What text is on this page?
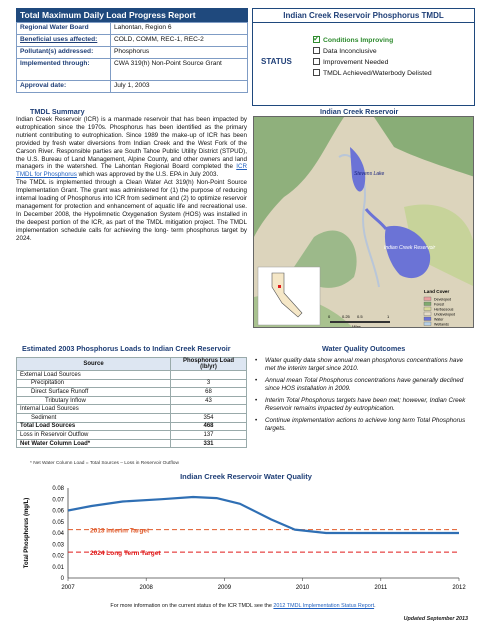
Total Maximum Daily Load Progress Report
Regional Water Board	Lahontan, Region 6
Beneficial uses affected:	COLD, COMM, REC-1, REC-2
Pollutant(s) addressed:	Phosphorus
Implemented through:	CWA 319(h) Non-Point Source Grant
Approval date:	July 1, 2003
Indian Creek Reservoir Phosphorus TMDL
STATUS
✓Conditions Improving
Data Inconclusive
Improvement Needed
TMDL Achieved/Waterbody Delisted
TMDL Summary

Indian Creek Reservoir (ICR) is a manmade reservoir that has been impacted by eutrophication since the 1970s. Phosphorus has been identified as the primary nutrient contributing to eutrophication. Since 1989 the make-up of ICR has been provided by fresh water diversions from Indian Creek and the West Fork of the Carson River. Responsible parties are South Tahoe Public Utility District (STPUD), the U.S. Bureau of Land Management, Alpine County, and other owners and land managers in the watershed. The Lahontan Regional Board completed the ICR TMDL for Phosphorus which was approved by the U.S. EPA in July 2003.

The TMDL is implemented through a Clean Water Act 319(h) Non-Point Source Implementation Grant. The grant was administered for (1) the purpose of reducing internal loading of Phosphorus into ICR from sediment and (2) to optimize reservoir management for protection and enhancement of aquatic life and recreational use. In December 2008, the Hypolimnetic Oxygenation System (HOS) was installed in the deepest portion of the ICR, as part of the TMDL mitigation project. The TMDL implementation schedule calls for achieving the long- term phosphorus target by 2024.

Indian Creek Reservoir
Stevens Lake
Indian Creek Reservoir
Land Cover
Developed
Forest
Herbaceous
Undeveloped
Water
Wetlands
0	0.25 0.5	1
Miles
Estimated 2003 Phosphorus Loads to Indian Creek Reservoir
Source	Phosphorus Load (lb/yr)
External Load Sources	
Precipitation	3
Direct Surface Runoff	68
Tributary Inflow	43
Internal Load Sources	
Sediment	354
Total Load Sources	468
Loss in Reservoir Outflow	137
Net Water Column Load*	331
* Net Water Column Load = Total Sources – Loss in Reservoir Outflow
Water Quality Outcomes
• Water quality data show annual mean phosphorus concentrations have met the interim target since 2010.
• Annual mean Total Phosphorus concentrations have generally declined since HOS installation in 2009.
• Interim Total Phosphorus targets have been met; however, Indian Creek Reservoir remains impacted by eutrophication.
• Continue implementation actions to achieve long term Total Phosphorus targets.
Indian Creek Reservoir Water Quality
0
0.01
0.02
0.03
0.04
0.05
0.06
0.07
0.08
2007	2008	2009	2010	2011	2012
Total Phosphorus (mg/L)	2013 Interim Target
2024 Long Term Target
For more information on the current status of the ICR TMDL see the 2012 TMDL Implementation Status Report.
Updated September 2013
